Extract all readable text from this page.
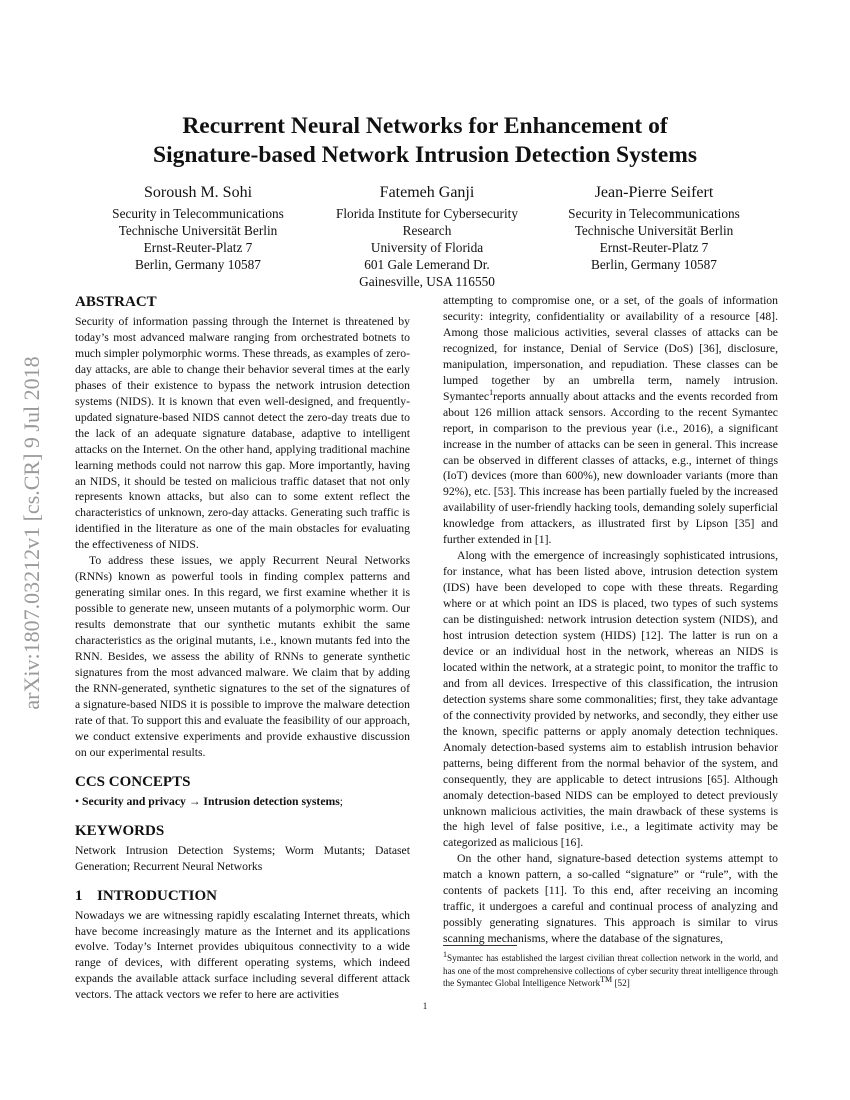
arXiv:1807.03212v1 [cs.CR] 9 Jul 2018
Recurrent Neural Networks for Enhancement of
Signature-based Network Intrusion Detection Systems
Soroush M. Sohi
Security in Telecommunications
Technische Universität Berlin
Ernst-Reuter-Platz 7
Berlin, Germany 10587
Fatemeh Ganji
Florida Institute for Cybersecurity
Research
University of Florida
601 Gale Lemerand Dr.
Gainesville, USA 116550
Jean-Pierre Seifert
Security in Telecommunications
Technische Universität Berlin
Ernst-Reuter-Platz 7
Berlin, Germany 10587
ABSTRACT

Security of information passing through the Internet is threatened by today’s most advanced malware ranging from orchestrated botnets to much simpler polymorphic worms. These threads, as examples of zero-day attacks, are able to change their behavior several times at the early phases of their existence to bypass the network intrusion detection systems (NIDS). It is known that even well-designed, and frequently-updated signature-based NIDS cannot detect the zero-day treats due to the lack of an adequate signature database, adaptive to intelligent attacks on the Internet. On the other hand, applying traditional machine learning methods could not narrow this gap. More importantly, having an NIDS, it should be tested on malicious traffic dataset that not only represents known attacks, but also can to some extent reflect the characteristics of unknown, zero-day attacks. Generating such traffic is identified in the literature as one of the main obstacles for evaluating the effectiveness of NIDS.

To address these issues, we apply Recurrent Neural Networks (RNNs) known as powerful tools in finding complex patterns and generating similar ones. In this regard, we first examine whether it is possible to generate new, unseen mutants of a polymorphic worm. Our results demonstrate that our synthetic mutants exhibit the same characteristics as the original mutants, i.e., known mutants fed into the RNN. Besides, we assess the ability of RNNs to generate synthetic signatures from the most advanced malware. We claim that by adding the RNN-generated, synthetic signatures to the set of the signatures of a signature-based NIDS it is possible to improve the malware detection rate of that. To support this and evaluate the feasibility of our approach, we conduct extensive experiments and provide exhaustive discussion on our experimental results.

CCS CONCEPTS

• Security and privacy → Intrusion detection systems;

KEYWORDS

Network Intrusion Detection Systems; Worm Mutants; Dataset Generation; Recurrent Neural Networks

1 INTRODUCTION

Nowadays we are witnessing rapidly escalating Internet threats, which have become increasingly mature as the Internet and its applications evolve. Today’s Internet provides ubiquitous connectivity to a wide range of devices, with different operating systems, which indeed expands the available attack surface including several different attack vectors. The attack vectors we refer to here are activities

attempting to compromise one, or a set, of the goals of information security: integrity, confidentiality or availability of a resource [48]. Among those malicious activities, several classes of attacks can be recognized, for instance, Denial of Service (DoS) [36], disclosure, manipulation, impersonation, and repudiation. These classes can be lumped together by an umbrella term, namely intrusion. Symantec$^1$reports annually about attacks and the events recorded from about 126 million attack sensors. According to the recent Symantec report, in comparison to the previous year (i.e., 2016), a significant increase in the number of attacks can be seen in general. This increase can be observed in different classes of attacks, e.g., internet of things (IoT) devices (more than 600%), new downloader variants (more than 92%), etc. [53]. This increase has been partially fueled by the increased availability of user-friendly hacking tools, demanding solely superficial knowledge from attackers, as illustrated first by Lipson [35] and further extended in [1].

Along with the emergence of increasingly sophisticated intrusions, for instance, what has been listed above, intrusion detection system (IDS) have been developed to cope with these threats. Regarding where or at which point an IDS is placed, two types of such systems can be distinguished: network intrusion detection system (NIDS), and host intrusion detection system (HIDS) [12]. The latter is run on a device or an individual host in the network, whereas an NIDS is located within the network, at a strategic point, to monitor the traffic to and from all devices. Irrespective of this classification, the intrusion detection systems share some commonalities; first, they take advantage of the connectivity provided by networks, and secondly, they either use the known, specific patterns or apply anomaly detection techniques. Anomaly detection-based systems aim to establish intrusion behavior patterns, being different from the normal behavior of the system, and consequently, they are applicable to detect intrusions [65]. Although anomaly detection-based NIDS can be employed to detect previously unknown malicious activities, the main drawback of these systems is the high level of false positive, i.e., a legitimate activity may be categorized as malicious [16].

On the other hand, signature-based detection systems attempt to match a known pattern, a so-called “signature” or “rule”, with the contents of packets [11]. To this end, after receiving an incoming traffic, it undergoes a careful and continual process of analyzing and possibly generating signatures. This approach is similar to virus scanning mechanisms, where the database of the signatures,

$^1$Symantec has established the largest civilian threat collection network in the world, and has one of the most comprehensive collections of cyber security threat intelligence through the Symantec Global Intelligence Network™ [52]
1
